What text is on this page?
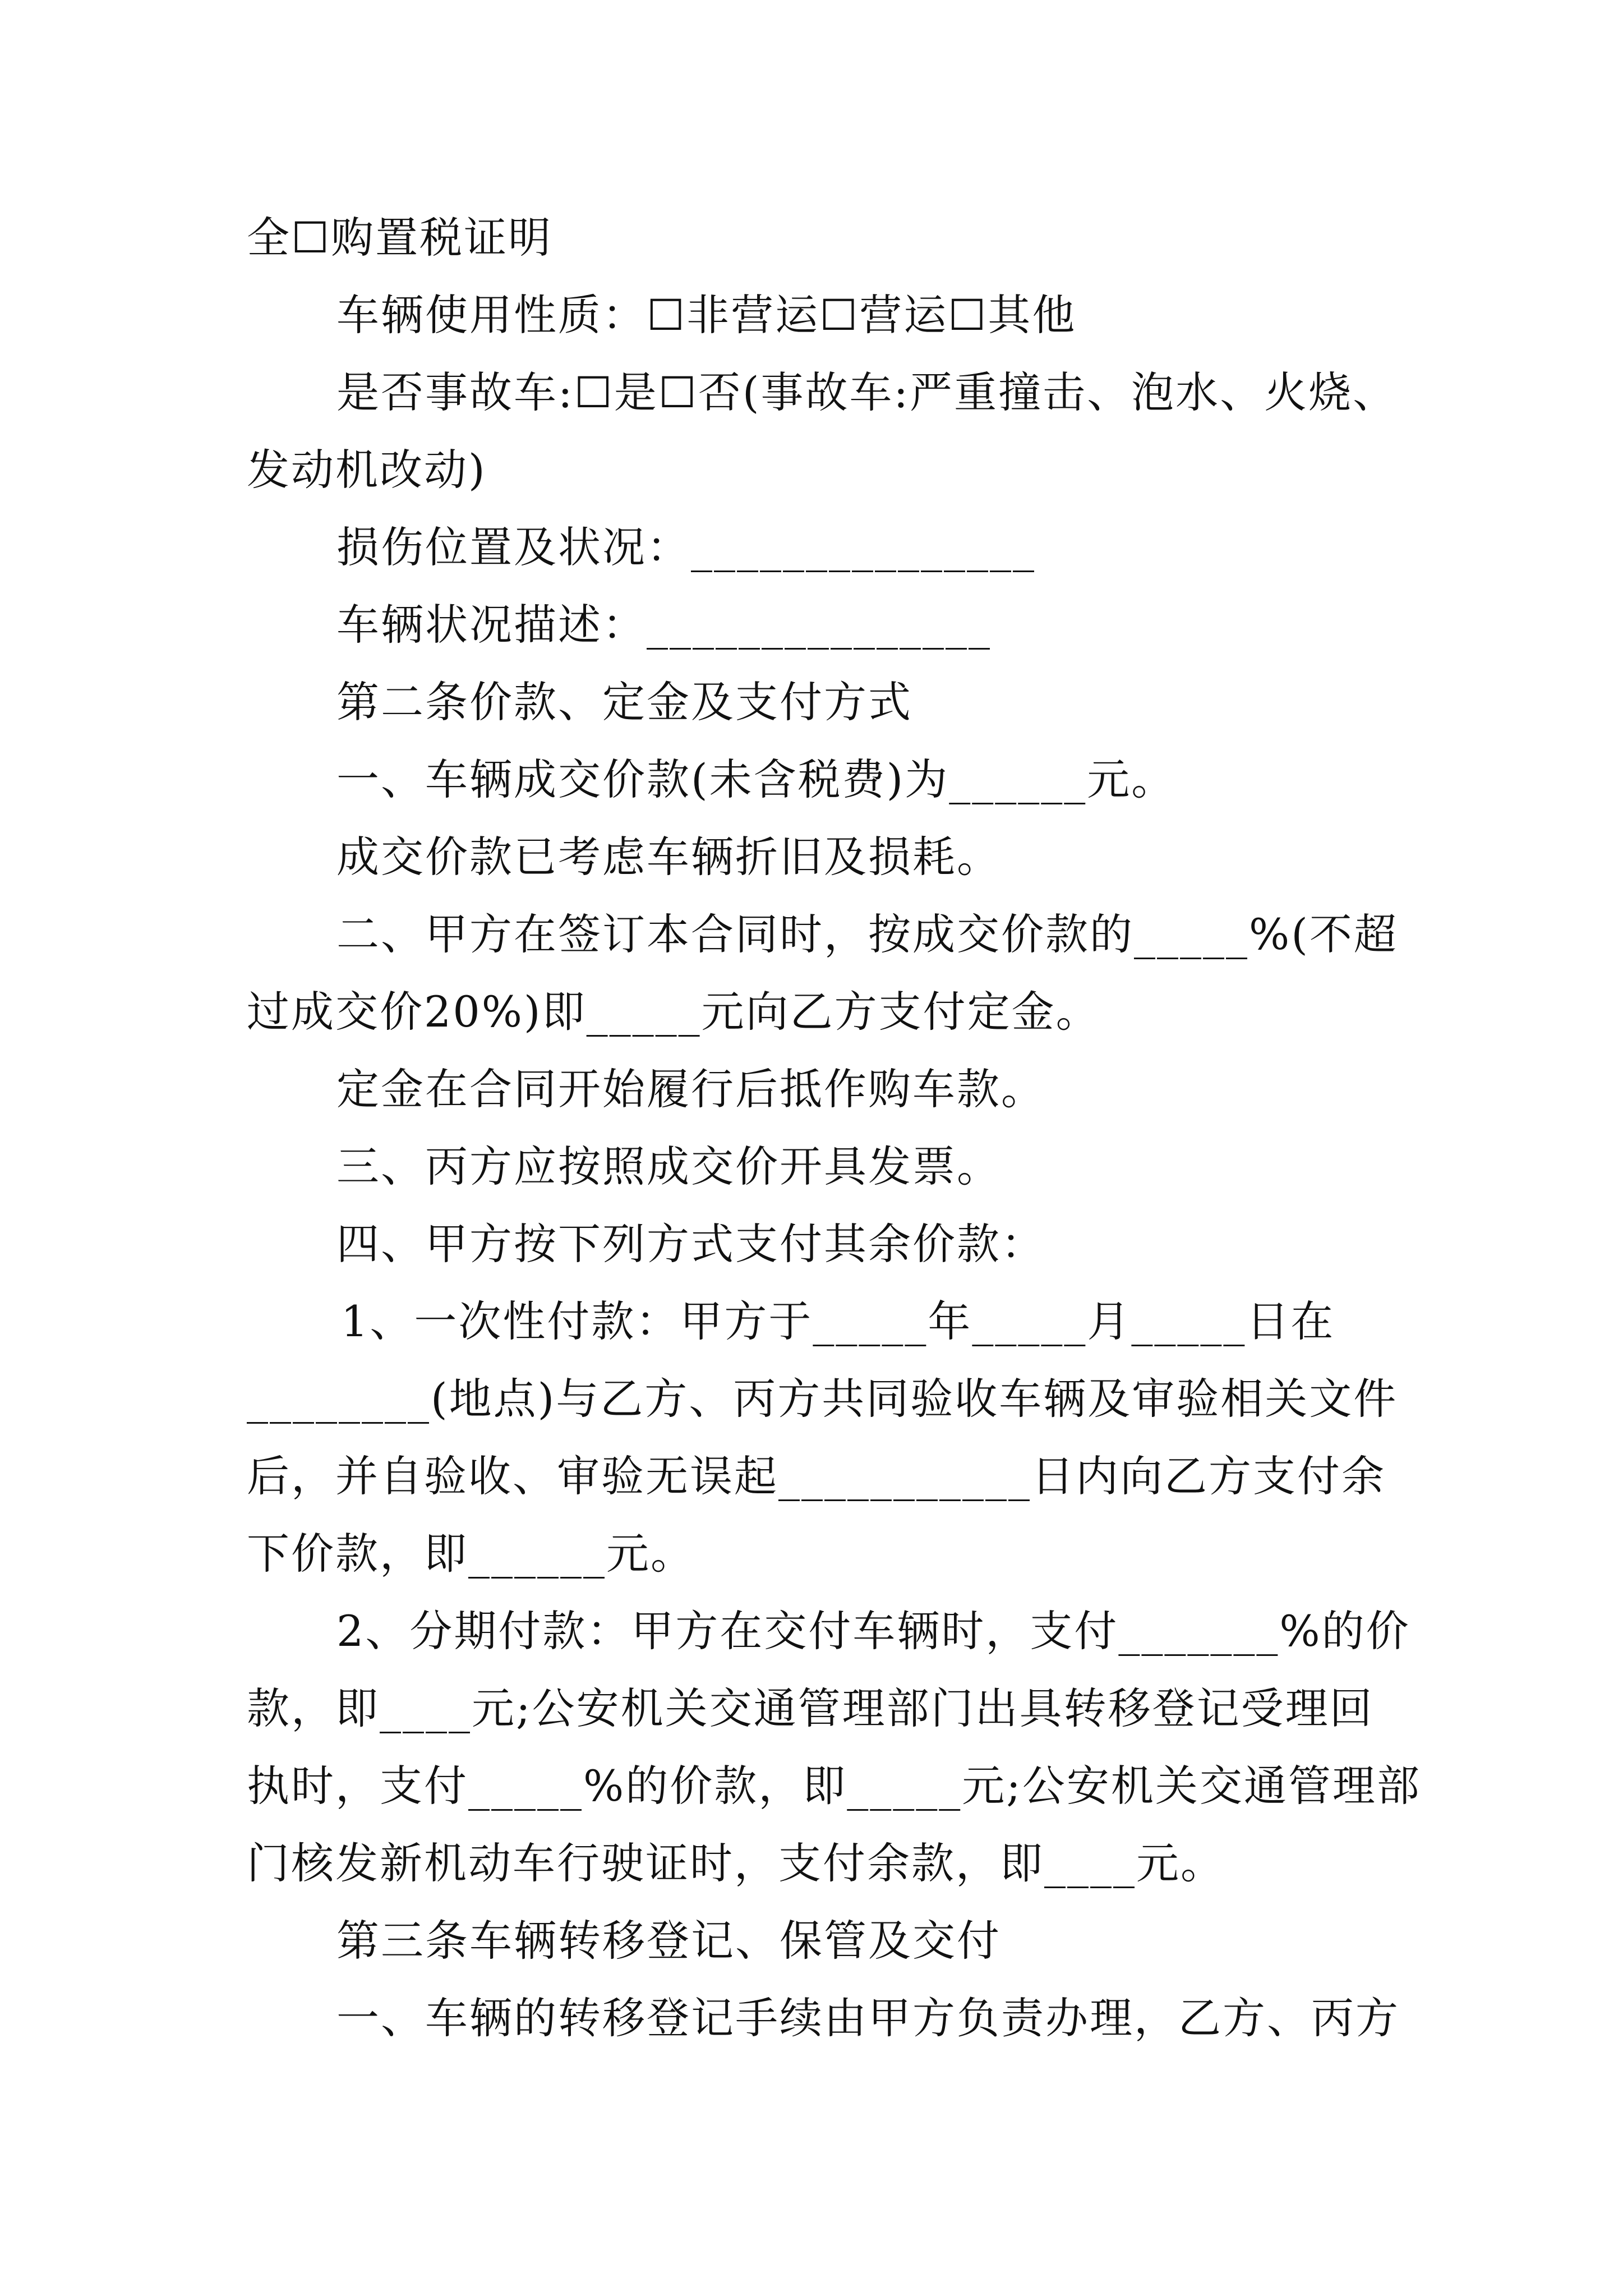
全☐购置税证明
车辆使用性质：☐非营运☐营运☐其他
是否事故车:☐是☐否(事故车:严重撞击、泡水、火烧、
发动机改动)
损伤位置及状况：_______________
车辆状况描述：_______________
第二条价款、定金及支付方式
一、车辆成交价款(未含税费)为______元。
成交价款已考虑车辆折旧及损耗。
二、甲方在签订本合同时，按成交价款的_____%(不超
过成交价20%)即_____元向乙方支付定金。
定金在合同开始履行后抵作购车款。
三、丙方应按照成交价开具发票。
四、甲方按下列方式支付其余价款：
1、一次性付款：甲方于_____年_____月_____日在
________(地点)与乙方、丙方共同验收车辆及审验相关文件
后，并自验收、审验无误起___________日内向乙方支付余
下价款，即______元。
2、分期付款：甲方在交付车辆时，支付_______%的价
款，即____元;公安机关交通管理部门出具转移登记受理回
执时，支付_____%的价款，即_____元;公安机关交通管理部
门核发新机动车行驶证时，支付余款，即____元。
第三条车辆转移登记、保管及交付
一、车辆的转移登记手续由甲方负责办理，乙方、丙方
